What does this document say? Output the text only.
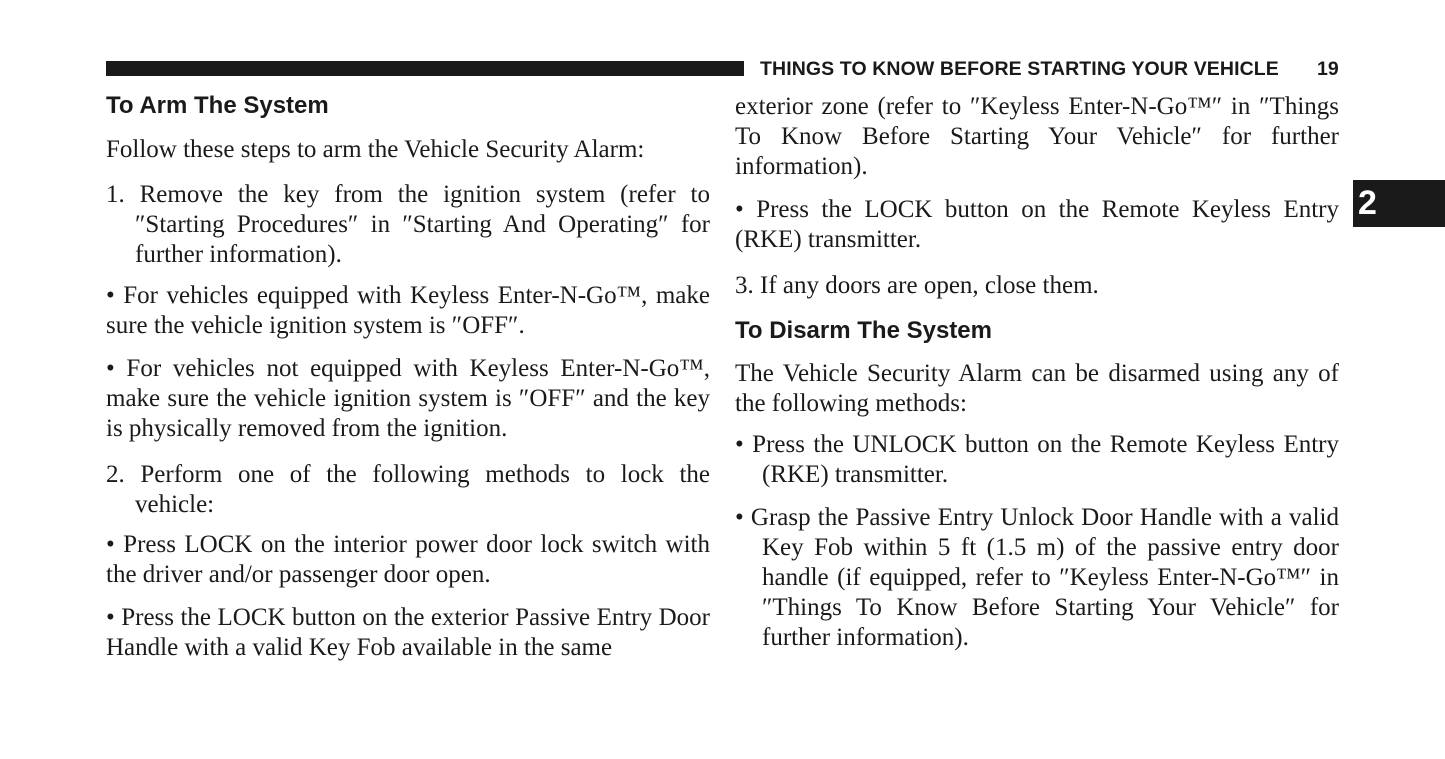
THINGS TO KNOW BEFORE STARTING YOUR VEHICLE 19
2
To Arm The System
Follow these steps to arm the Vehicle Security Alarm:
1. Remove the key from the ignition system (refer to ″Starting Procedures″ in ″Starting And Operating″ for further information).
• For vehicles equipped with Keyless Enter-N-Go™, make sure the vehicle ignition system is ″OFF″.
• For vehicles not equipped with Keyless Enter-N-Go™, make sure the vehicle ignition system is ″OFF″ and the key is physically removed from the ignition.
2. Perform one of the following methods to lock the vehicle:
• Press LOCK on the interior power door lock switch with the driver and/or passenger door open.
• Press the LOCK button on the exterior Passive Entry Door Handle with a valid Key Fob available in the same
exterior zone (refer to ″Keyless Enter-N-Go™″ in ″Things To Know Before Starting Your Vehicle″ for further information).
• Press the LOCK button on the Remote Keyless Entry (RKE) transmitter.
3. If any doors are open, close them.
To Disarm The System
The Vehicle Security Alarm can be disarmed using any of the following methods:
• Press the UNLOCK button on the Remote Keyless Entry (RKE) transmitter.
• Grasp the Passive Entry Unlock Door Handle with a valid Key Fob within 5 ft (1.5 m) of the passive entry door handle (if equipped, refer to ″Keyless Enter-N-Go™″ in ″Things To Know Before Starting Your Vehicle″ for further information).
